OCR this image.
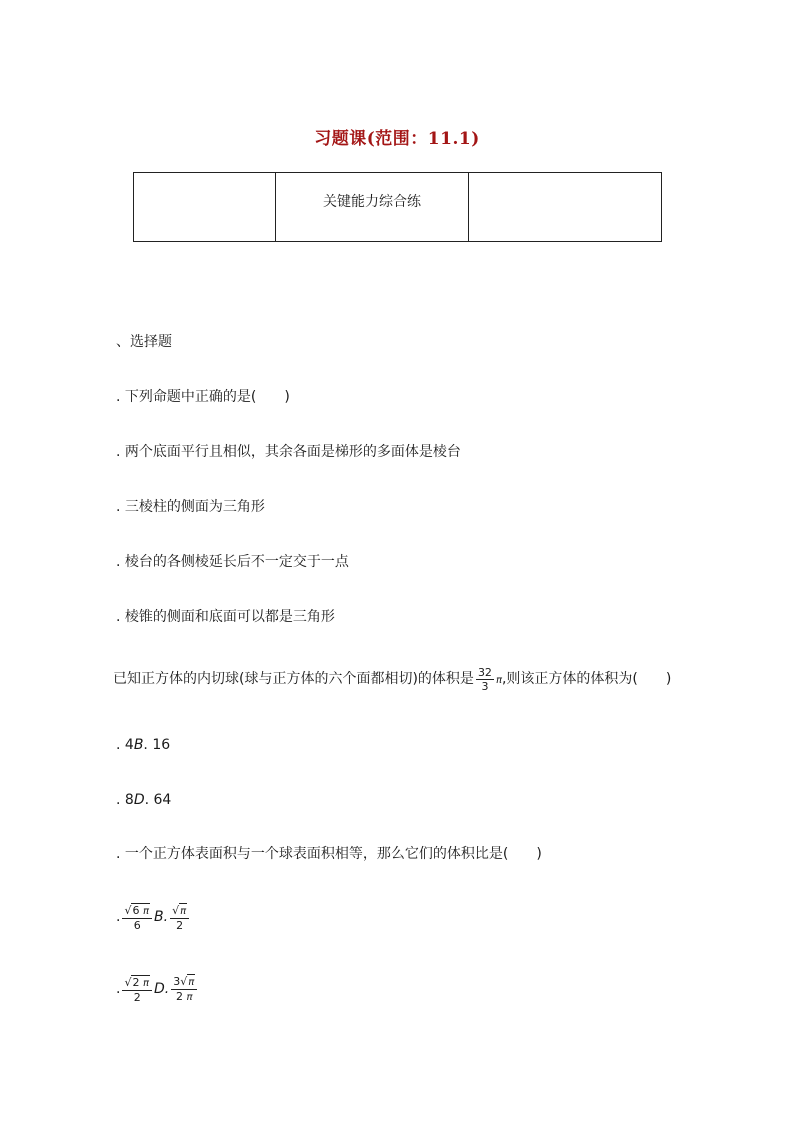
习题课(范围：11.1)

关键能力综合练

、选择题
. 下列命题中正确的是(　　)
. 两个底面平行且相似，其余各面是梯形的多面体是棱台
. 三棱柱的侧面为三角形
. 棱台的各侧棱延长后不一定交于一点
. 棱锥的侧面和底面可以都是三角形
已知正方体的内切球(球与正方体的六个面都相切)的体积是 $\frac{32}{3} \pi$,则该正方体的体积为(　　)
. 4B. 16
. 8D. 64
. 一个正方体表面积与一个球表面积相等，那么它们的体积比是(　　)
. $\frac{√6 \pi}{6} B$. $\frac{√\pi}{2}$
. $\frac{√2 \pi}{2} D$. $\frac{3√\pi}{2 \pi}$
